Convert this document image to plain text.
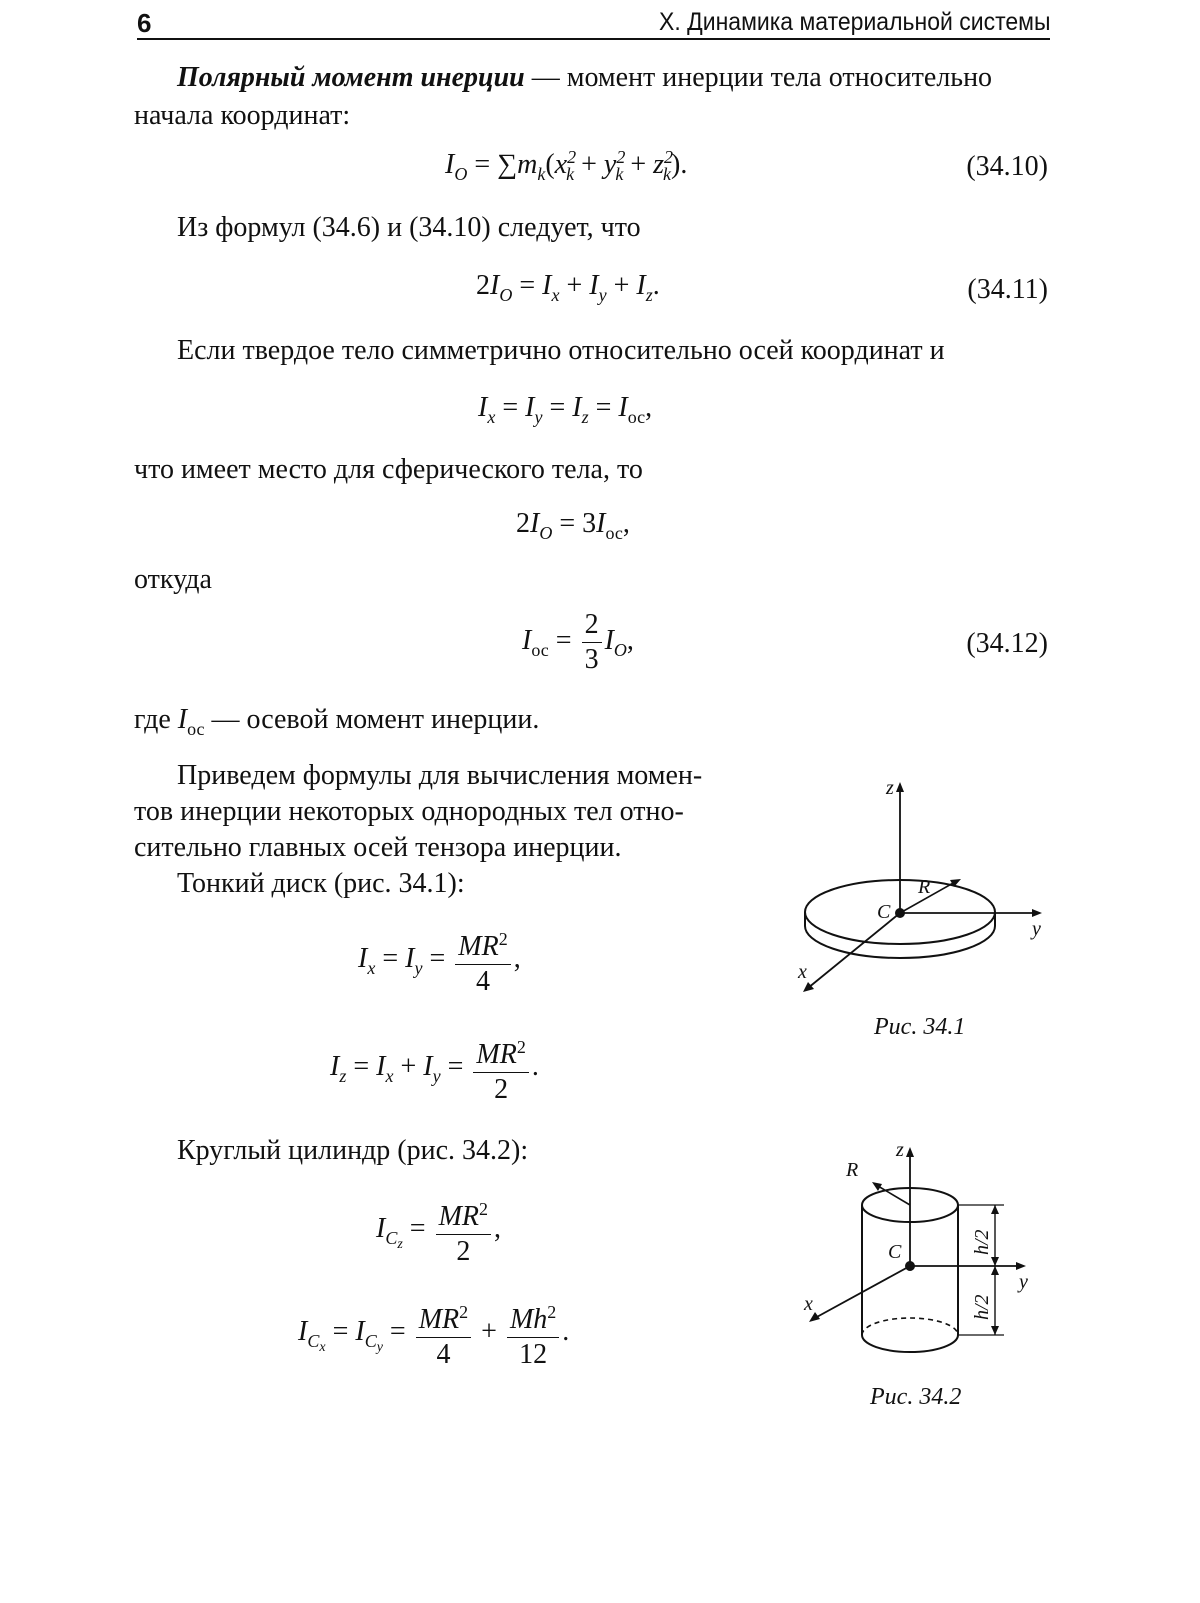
6	X. Динамика материальной системы
Полярный момент инерции — момент инерции тела относительно
начала координат:
$I_O = \sum m_k(x^2_k + y^2_k + z^2_k)$.	(34.10)
Из формул (34.6) и (34.10) следует, что
$2I_O = I_x + I_y + I_z$.	(34.11)
Если твердое тело симметрично относительно осей координат и
$I_x = I_y = I_z = I_{ос}$,
что имеет место для сферического тела, то
$2I_O = 3I_{ос}$,
откуда
$I_{ос} = \frac{2}{3} I_O$,	(34.12)
где $I_{ос}$ — осевой момент инерции.
Приведем формулы для вычисления момен-
тов инерции некоторых однородных тел отно-
сительно главных осей тензора инерции.
Тонкий диск (рис. 34.1):
$I_x = I_y = \frac{MR^2}{4}$ ,
$I_z = I_x + I_y = \frac{MR^2}{2}$ .
Круглый цилиндр (рис. 34.2):
$I_{C_z} = \frac{MR^2}{2}$ ,
$I_{C_x} = I_{C_y} = \frac{MR^2}{4} + \frac{Mh^2}{12}$ .
z
y
x
R
C
Рис. 34.1
z
y
x
R
C	h/2
h/2
Рис. 34.2
